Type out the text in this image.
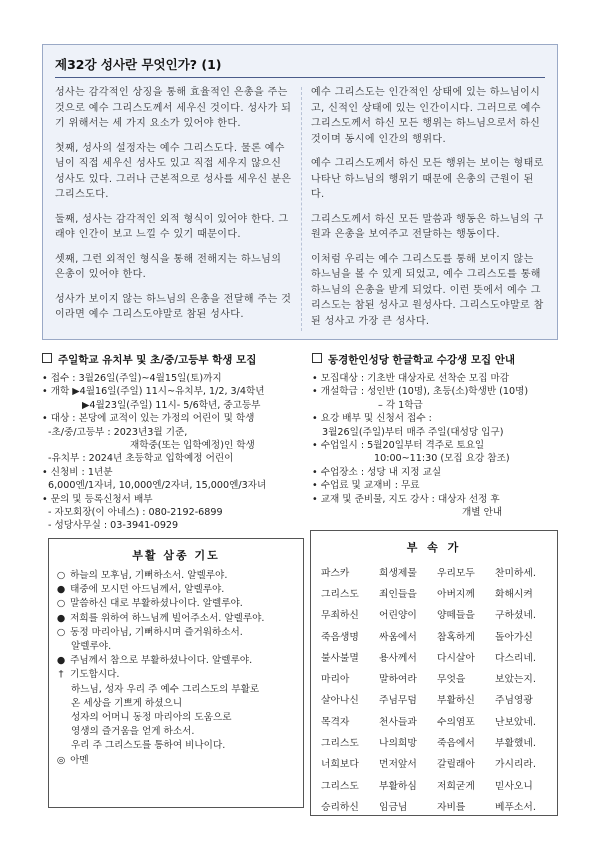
제32강 성사란 무엇인가? (1)

성사는 감각적인 상징을 통해 효율적인 은총을 주는 것으로 예수 그리스도께서 세우신 것이다. 성사가 되기 위해서는 세 가지 요소가 있어야 한다.

첫째, 성사의 설정자는 예수 그리스도다. 물론 예수님이 직접 세우신 성사도 있고 직접 세우지 않으신 성사도 있다. 그러나 근본적으로 성사를 세우신 분은 그리스도다.

둘째, 성사는 감각적인 외적 형식이 있어야 한다. 그래야 인간이 보고 느낄 수 있기 때문이다.

셋째, 그런 외적인 형식을 통해 전해지는 하느님의 은총이 있어야 한다.

성사가 보이지 않는 하느님의 은총을 전달해 주는 것이라면 예수 그리스도야말로 참된 성사다.

예수 그리스도는 인간적인 상태에 있는 하느님이시고, 신적인 상태에 있는 인간이시다. 그러므로 예수 그리스도께서 하신 모든 행위는 하느님으로서 하신 것이며 동시에 인간의 행위다.

예수 그리스도께서 하신 모든 행위는 보이는 형태로 나타난 하느님의 행위기 때문에 은총의 근원이 된다.

그리스도께서 하신 모든 말씀과 행동은 하느님의 구원과 은총을 보여주고 전달하는 행동이다.

이처럼 우리는 예수 그리스도를 통해 보이지 않는 하느님을 볼 수 있게 되었고, 예수 그리스도를 통해 하느님의 은총을 받게 되었다. 이런 뜻에서 예수 그리스도는 참된 성사고 원성사다. 그리스도야말로 참된 성사고 가장 큰 성사다.

주일학교 유치부 및 초/중/고등부 학생 모집
• 접수 : 3월26일(주일)~4월15일(토)까지
• 개학 ▶4월16일(주일) 11시~유치부, 1/2, 3/4학년
▶4월23일(주일) 11시- 5/6학년, 중고등부
• 대상 : 본당에 교적이 있는 가정의 어린이 및 학생
-초/중/고등부 : 2023년3월 기준,
재학중(또는 입학예정)인 학생
-유치부 : 2024년 초등학교 입학예정 어린이
• 신청비 : 1년분
6,000엔/1자녀, 10,000엔/2자녀, 15,000엔/3자녀
• 문의 및 등록신청서 배부
- 자모회장(이 아네스) : 080-2192-6899
- 성당사무실 : 03-3941-0929
동경한인성당 한글학교 수강생 모집 안내
• 모집대상 : 기초반 대상자로 선착순 모집 마감
• 개설학급 : 성인반 (10명), 초등(소)학생반 (10명)
– 각 1학급
• 요강 배부 및 신청서 접수 :
3월26일(주일)부터 매주 주일(대성당 입구)
• 수업일시 : 5월20일부터 격주로 토요일
10:00~11:30 (모집 요강 참조)
• 수업장소 : 성당 내 지정 교실
• 수업료 및 교재비 : 무료
• 교재 및 준비물, 지도 강사 : 대상자 선정 후
개별 안내
부활 삼종 기도
○ 하늘의 모후님, 기뻐하소서. 알렐루야.
● 태중에 모시던 아드님께서, 알렐루야.
○ 말씀하신 대로 부활하셨나이다. 알렐루야.
● 저희를 위하여 하느님께 빌어주소서. 알렐루야.
○ 동정 마리아님, 기뻐하시며 즐거워하소서.
알렐루야.
● 주님께서 참으로 부활하셨나이다. 알렐루야.
† 기도합시다.
하느님, 성자 우리 주 예수 그리스도의 부활로
온 세상을 기쁘게 하셨으니
성자의 어머니 동정 마리아의 도움으로
영생의 즐거움을 얻게 하소서.
우리 주 그리스도를 통하여 비나이다.
◎ 아멘
부 속 가
파스카	희생제물	우리모두	찬미하세.
그리스도	죄인들을	아버지께	화해시켜
무죄하신	어린양이	양떼들을	구하셨네.
죽음생명	싸움에서	참혹하게	돌아가신
불사불멸	용사께서	다시살아	다스리네.
마리아	말하여라	무엇을	보았는지.
살아나신	주님무덤	부활하신	주님영광
목격자	천사들과	수의염포	난보았네.
그리스도	나의희망	죽음에서	부활했네.
너희보다	먼저앞서	갈릴래아	가시리라.
그리스도	부활하심	저희굳게	믿사오니
승리하신	임금님	자비를	베푸소서.
